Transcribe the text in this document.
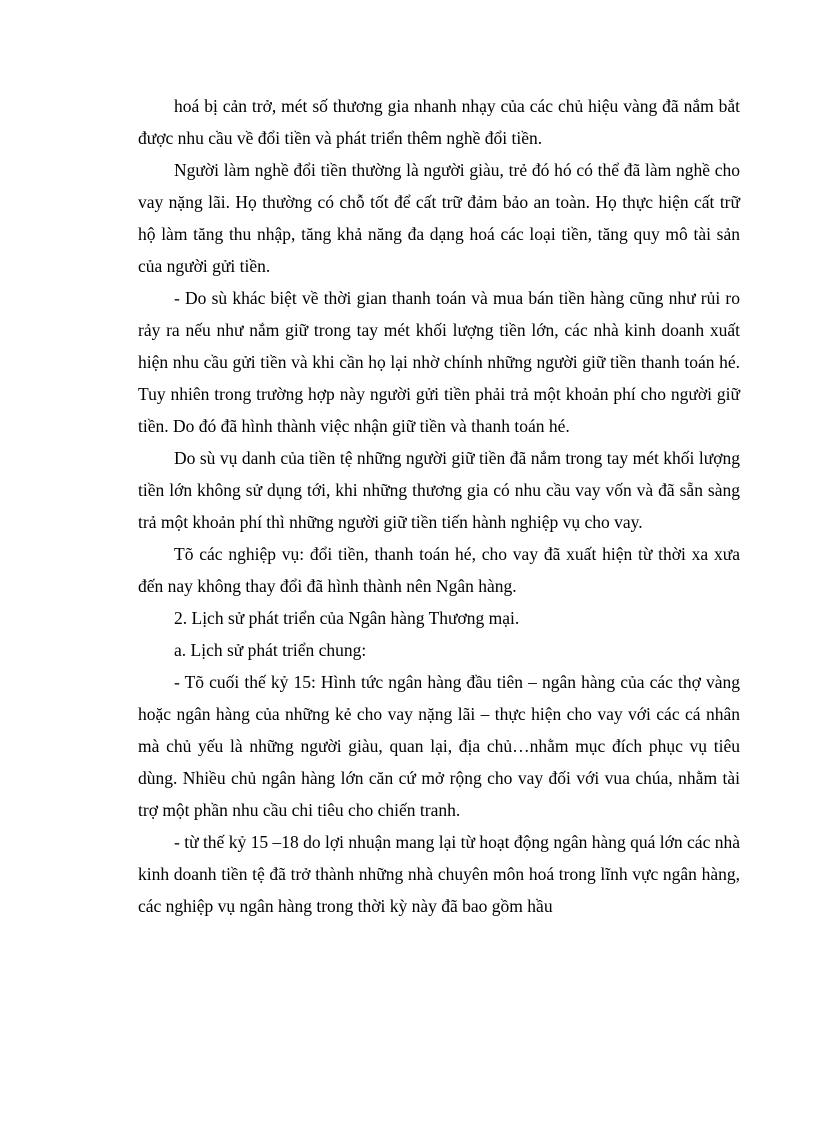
hoá bị cản trở, mét số thương gia nhanh nhạy của các chủ hiệu vàng đã nắm bắt được nhu cầu về đổi tiền và phát triển thêm nghề đổi tiền.

Người làm nghề đổi tiền thường là người giàu, trẻ đó hó có thể đã làm nghề cho vay nặng lãi. Họ thường có chỗ tốt để cất trữ đảm bảo an toàn. Họ thực hiện cất trữ hộ làm tăng thu nhập, tăng khả năng đa dạng hoá các loại tiền, tăng quy mô tài sản của người gửi tiền.

- Do sù khác biệt về thời gian thanh toán và mua bán tiền hàng cũng như rủi ro rảy ra nếu như nắm giữ trong tay mét khối lượng tiền lớn, các nhà kinh doanh xuất hiện nhu cầu gửi tiền và khi cần họ lại nhờ chính những người giữ tiền thanh toán hé. Tuy nhiên trong trường hợp này người gửi tiền phải trả một khoản phí cho người giữ tiền. Do đó đã hình thành việc nhận giữ tiền và thanh toán hé.

Do sù vụ danh của tiền tệ những người giữ tiền đã nắm trong tay mét khối lượng tiền lớn không sử dụng tới, khi những thương gia có nhu cầu vay vốn và đã sẵn sàng trả một khoản phí thì những người giữ tiền tiến hành nghiệp vụ cho vay.

Tõ các nghiệp vụ: đổi tiền, thanh toán hé, cho vay đã xuất hiện từ thời xa xưa đến nay không thay đổi đã hình thành nên Ngân hàng.

2. Lịch sử phát triển của Ngân hàng Thương mại.

a. Lịch sử phát triển chung:

- Tõ cuối thế kỷ 15: Hình tức ngân hàng đầu tiên – ngân hàng của các thợ vàng hoặc ngân hàng của những kẻ cho vay nặng lãi – thực hiện cho vay với các cá nhân mà chủ yếu là những người giàu, quan lại, địa chủ…nhằm mục đích phục vụ tiêu dùng. Nhiều chủ ngân hàng lớn căn cứ mở rộng cho vay đối với vua chúa, nhằm tài trợ một phần nhu cầu chi tiêu cho chiến tranh.

- từ thế kỷ 15 –18 do lợi nhuận mang lại từ hoạt động ngân hàng quá lớn các nhà kinh doanh tiền tệ đã trở thành những nhà chuyên môn hoá trong lĩnh vực ngân hàng, các nghiệp vụ ngân hàng trong thời kỳ này đã bao gồm hầu
